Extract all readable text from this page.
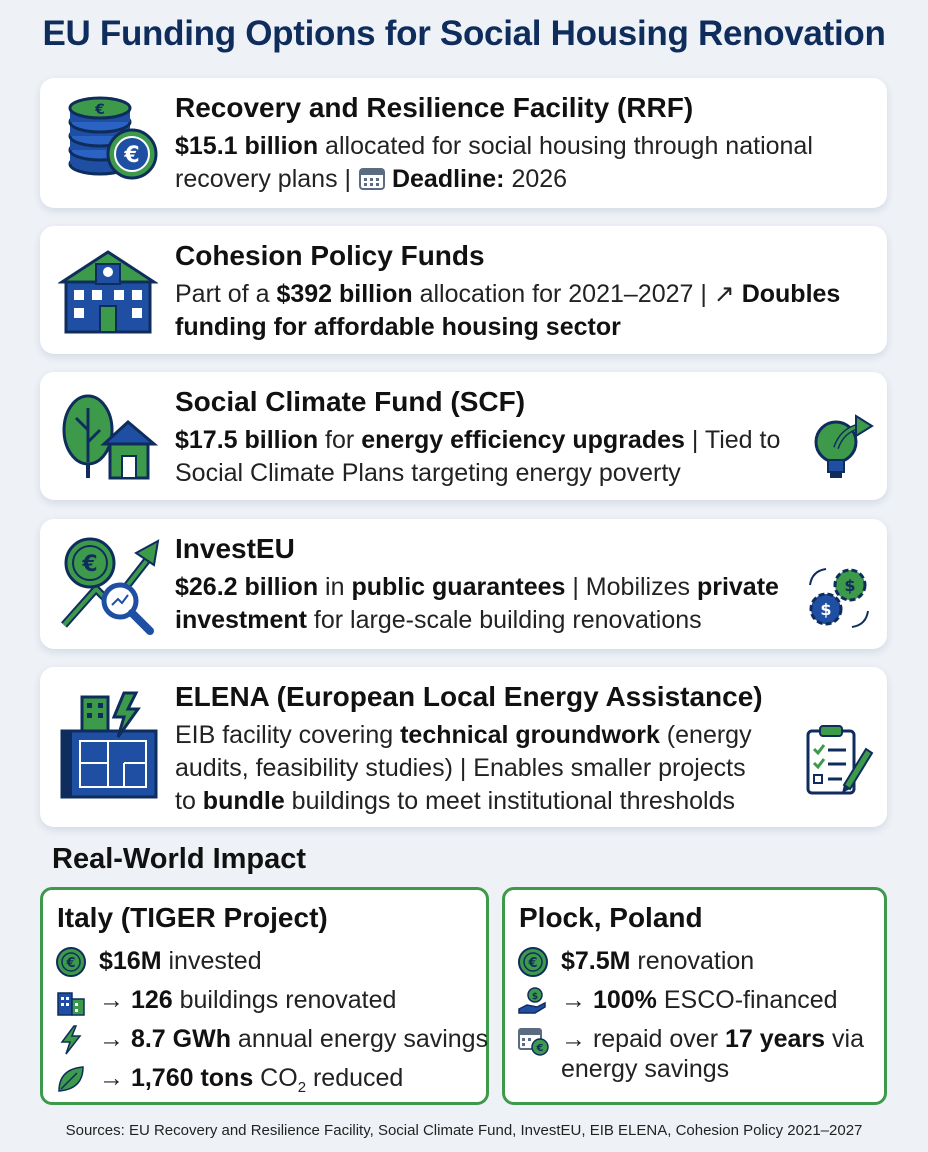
EU Funding Options for Social Housing Renovation
€
€
Recovery and Resilience Facility (RRF)
$15.1 billion allocated for social housing through national
recovery plans | Deadline: 2026
Cohesion Policy Funds
Part of a $392 billion allocation for 2021–2027 | ↗ Doubles
funding for affordable housing sector
Social Climate Fund (SCF)
$17.5 billion for energy efficiency upgrades | Tied to
Social Climate Plans targeting energy poverty
€
InvestEU
$26.2 billion in public guarantees | Mobilizes private
investment for large-scale building renovations
$
$
ELENA (European Local Energy Assistance)
EIB facility covering technical groundwork (energy
audits, feasibility studies) | Enables smaller projects
to bundle buildings to meet institutional thresholds
Real-World Impact
Italy (TIGER Project)
€ $16M invested
→ 126 buildings renovated
→ 8.7 GWh annual energy savings
→ 1,760 tons $CO_2$ reduced
Plock, Poland
€ $7.5M renovation
$ → 100% ESCO-financed
€ → repaid over 17 years via
energy savings
Sources: EU Recovery and Resilience Facility, Social Climate Fund, InvestEU, EIB ELENA, Cohesion Policy 2021–2027
